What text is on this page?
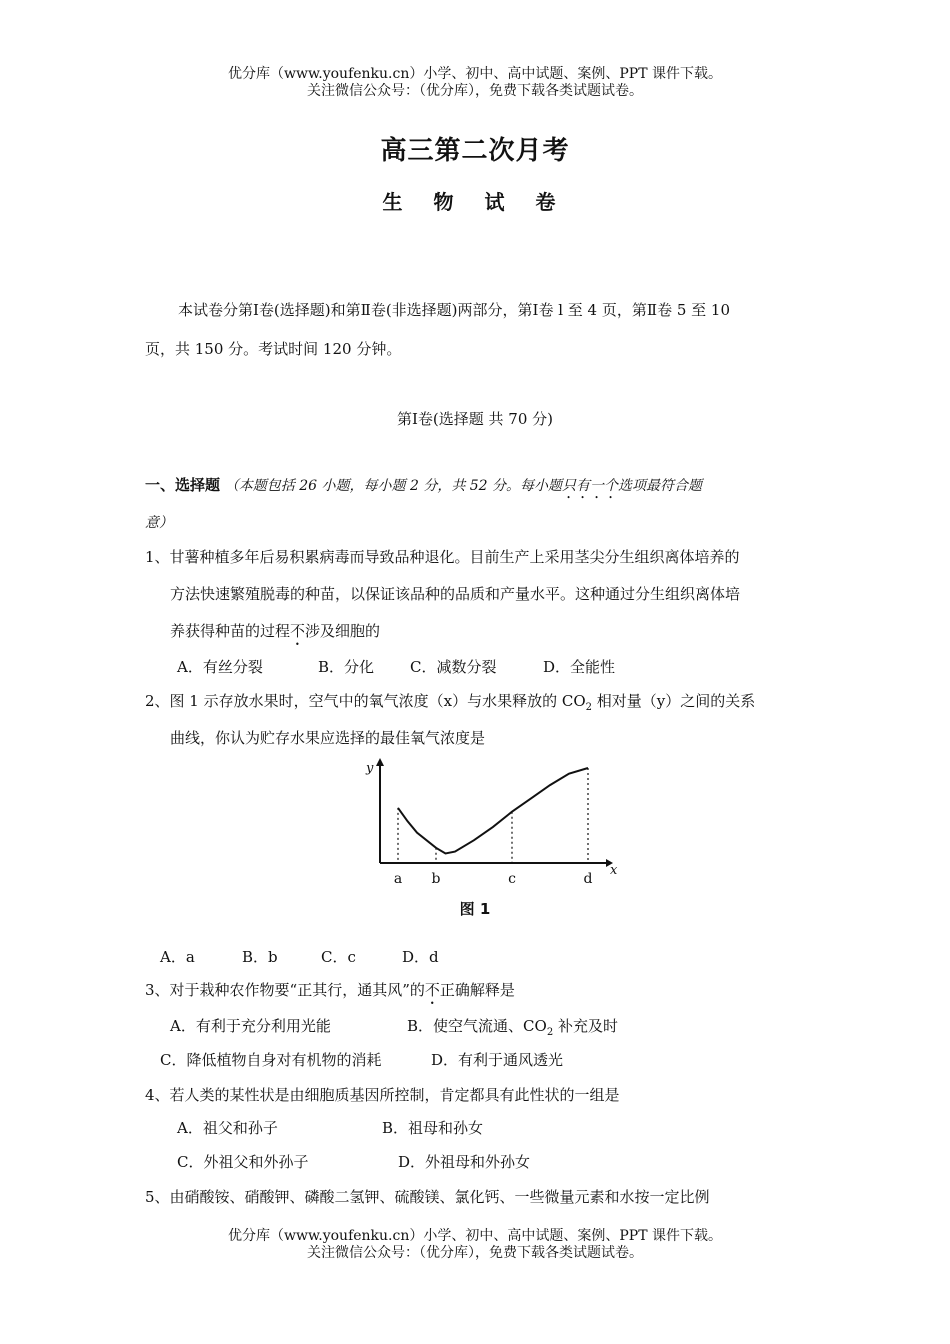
优分库（www.youfenku.cn）小学、初中、高中试题、案例、PPT 课件下载。
关注微信公众号：（优分库），免费下载各类试题试卷。
高三第二次月考
生 物 试 卷
本试卷分第Ⅰ卷(选择题)和第Ⅱ卷(非选择题)两部分，第Ⅰ卷 l 至 4 页，第Ⅱ卷 5 至 10
页，共 150 分。考试时间 120 分钟。
第Ⅰ卷(选择题 共 70 分)
一、选择题 （本题包括 26 小题，每小题 2 分，共 52 分。每小题只有一个选项最符合题
意）
1、甘薯种植多年后易积累病毒而导致品种退化。目前生产上采用茎尖分生组织离体培养的
方法快速繁殖脱毒的种苗，以保证该品种的品质和产量水平。这种通过分生组织离体培
养获得种苗的过程不涉及细胞的
A．有丝分裂	B．分化 C．减数分裂	D．全能性
2、图 1 示存放水果时，空气中的氧气浓度（x）与水果释放的 $CO_2$ 相对量（y）之间的关系
曲线，你认为贮存水果应选择的最佳氧气浓度是
x
y
a b	c	d
图 1
A．a	B．b	C．c	D．d
3、对于栽种农作物要“正其行，通其风”的不正确解释是
A．有利于充分利用光能	B．使空气流通、$CO_2$ 补充及时
C．降低植物自身对有机物的消耗	D．有利于通风透光
4、若人类的某性状是由细胞质基因所控制，肯定都具有此性状的一组是
A．祖父和孙子	B．祖母和孙女
C．外祖父和外孙子	D．外祖母和外孙女
5、由硝酸铵、硝酸钾、磷酸二氢钾、硫酸镁、氯化钙、一些微量元素和水按一定比例
优分库（www.youfenku.cn）小学、初中、高中试题、案例、PPT 课件下载。
关注微信公众号：（优分库），免费下载各类试题试卷。
